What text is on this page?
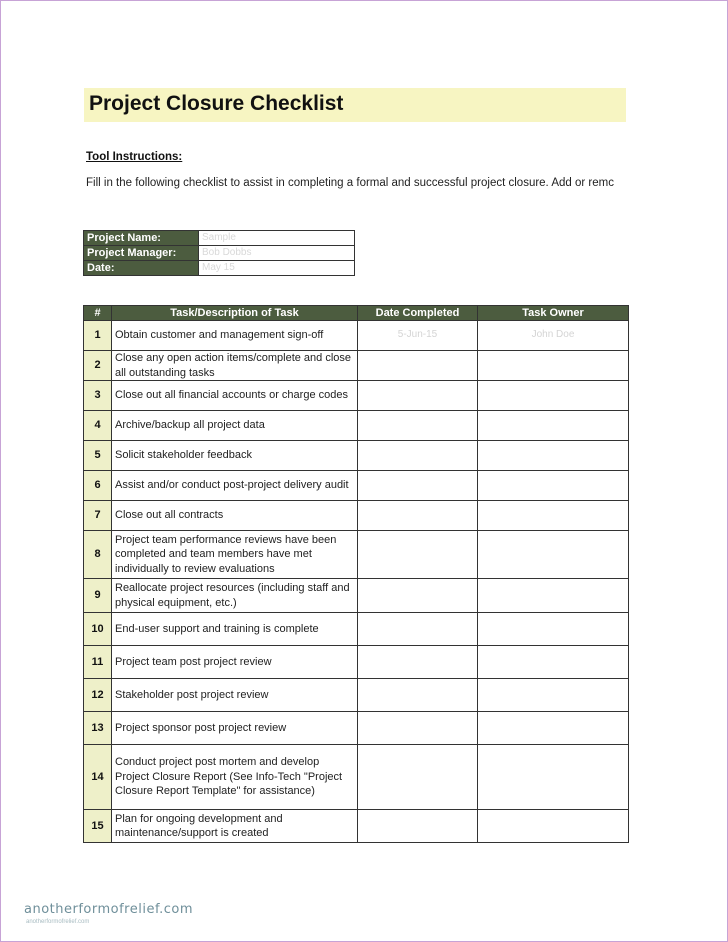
Project Closure Checklist
Tool Instructions:
Fill in the following checklist to assist in completing a formal and successful project closure. Add or remc
Project Name:	Sample
Project Manager:	Bob Dobbs
Date:	May 15
#	Task/Description of Task	Date Completed	Task Owner
1	Obtain customer and management sign-off	5-Jun-15	John Doe
2	Close any open action items/complete and close all outstanding tasks		
3	Close out all financial accounts or charge codes		
4	Archive/backup all project data		
5	Solicit stakeholder feedback		
6	Assist and/or conduct post-project delivery audit		
7	Close out all contracts		
8	Project team performance reviews have been completed and team members have met individually to review evaluations		
9	Reallocate project resources (including staff and physical equipment, etc.)		
10	End-user support and training is complete		
11	Project team post project review		
12	Stakeholder post project review		
13	Project sponsor post project review		
14	Conduct project post mortem and develop Project Closure Report (See Info-Tech "Project Closure Report Template" for assistance)		
15	Plan for ongoing development and maintenance/support is created		
anotherformofrelief.com
anotherformofrelief.com
